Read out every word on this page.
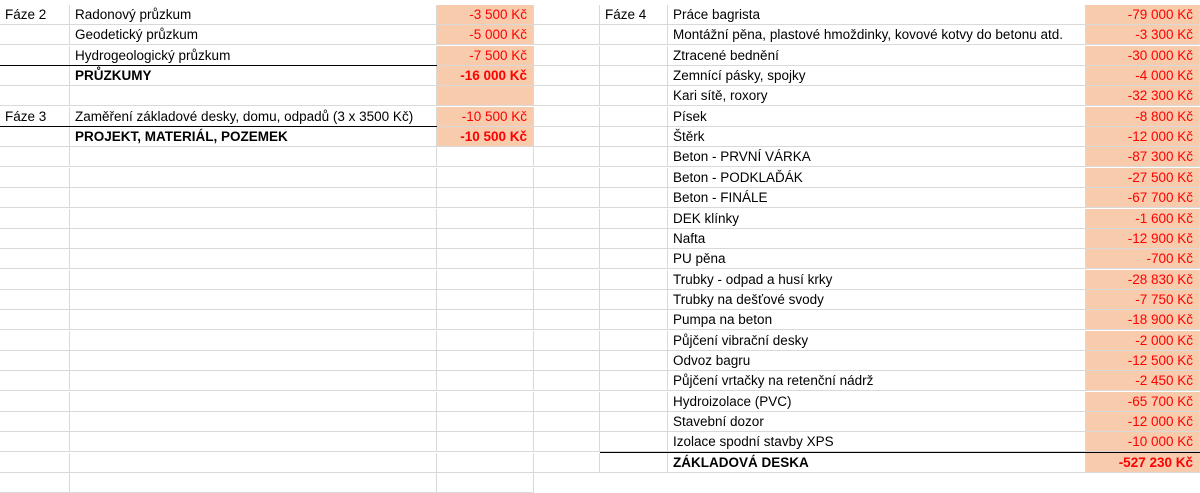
Fáze 2	Radonový průzkum	-3 500 Kč
Geodetický průzkum	-5 000 Kč
Hydrogeologický průzkum	-7 500 Kč
PRŮZKUMY	-16 000 Kč
Fáze 3	Zaměření základové desky, domu, odpadů (3 x 3500 Kč)	-10 500 Kč
PROJEKT, MATERIÁL, POZEMEK	-10 500 Kč
Fáze 4	Práce bagrista	-79 000 Kč
Montážní pěna, plastové hmoždinky, kovové kotvy do betonu atd.	-3 300 Kč
Ztracené bednění	-30 000 Kč
Zemnící pásky, spojky	-4 000 Kč
Kari sítě, roxory	-32 300 Kč
Písek	-8 800 Kč
Štěrk	-12 000 Kč
Beton - PRVNÍ VÁRKA	-87 300 Kč
Beton - PODKLAĎÁK	-27 500 Kč
Beton - FINÁLE	-67 700 Kč
DEK klínky	-1 600 Kč
Nafta	-12 900 Kč
PU pěna	-700 Kč
Trubky - odpad a husí krky	-28 830 Kč
Trubky na dešťové svody	-7 750 Kč
Pumpa na beton	-18 900 Kč
Půjčení vibrační desky	-2 000 Kč
Odvoz bagru	-12 500 Kč
Půjčení vrtačky na retenční nádrž	-2 450 Kč
Hydroizolace (PVC)	-65 700 Kč
Stavební dozor	-12 000 Kč
Izolace spodní stavby XPS	-10 000 Kč
ZÁKLADOVÁ DESKA	-527 230 Kč
